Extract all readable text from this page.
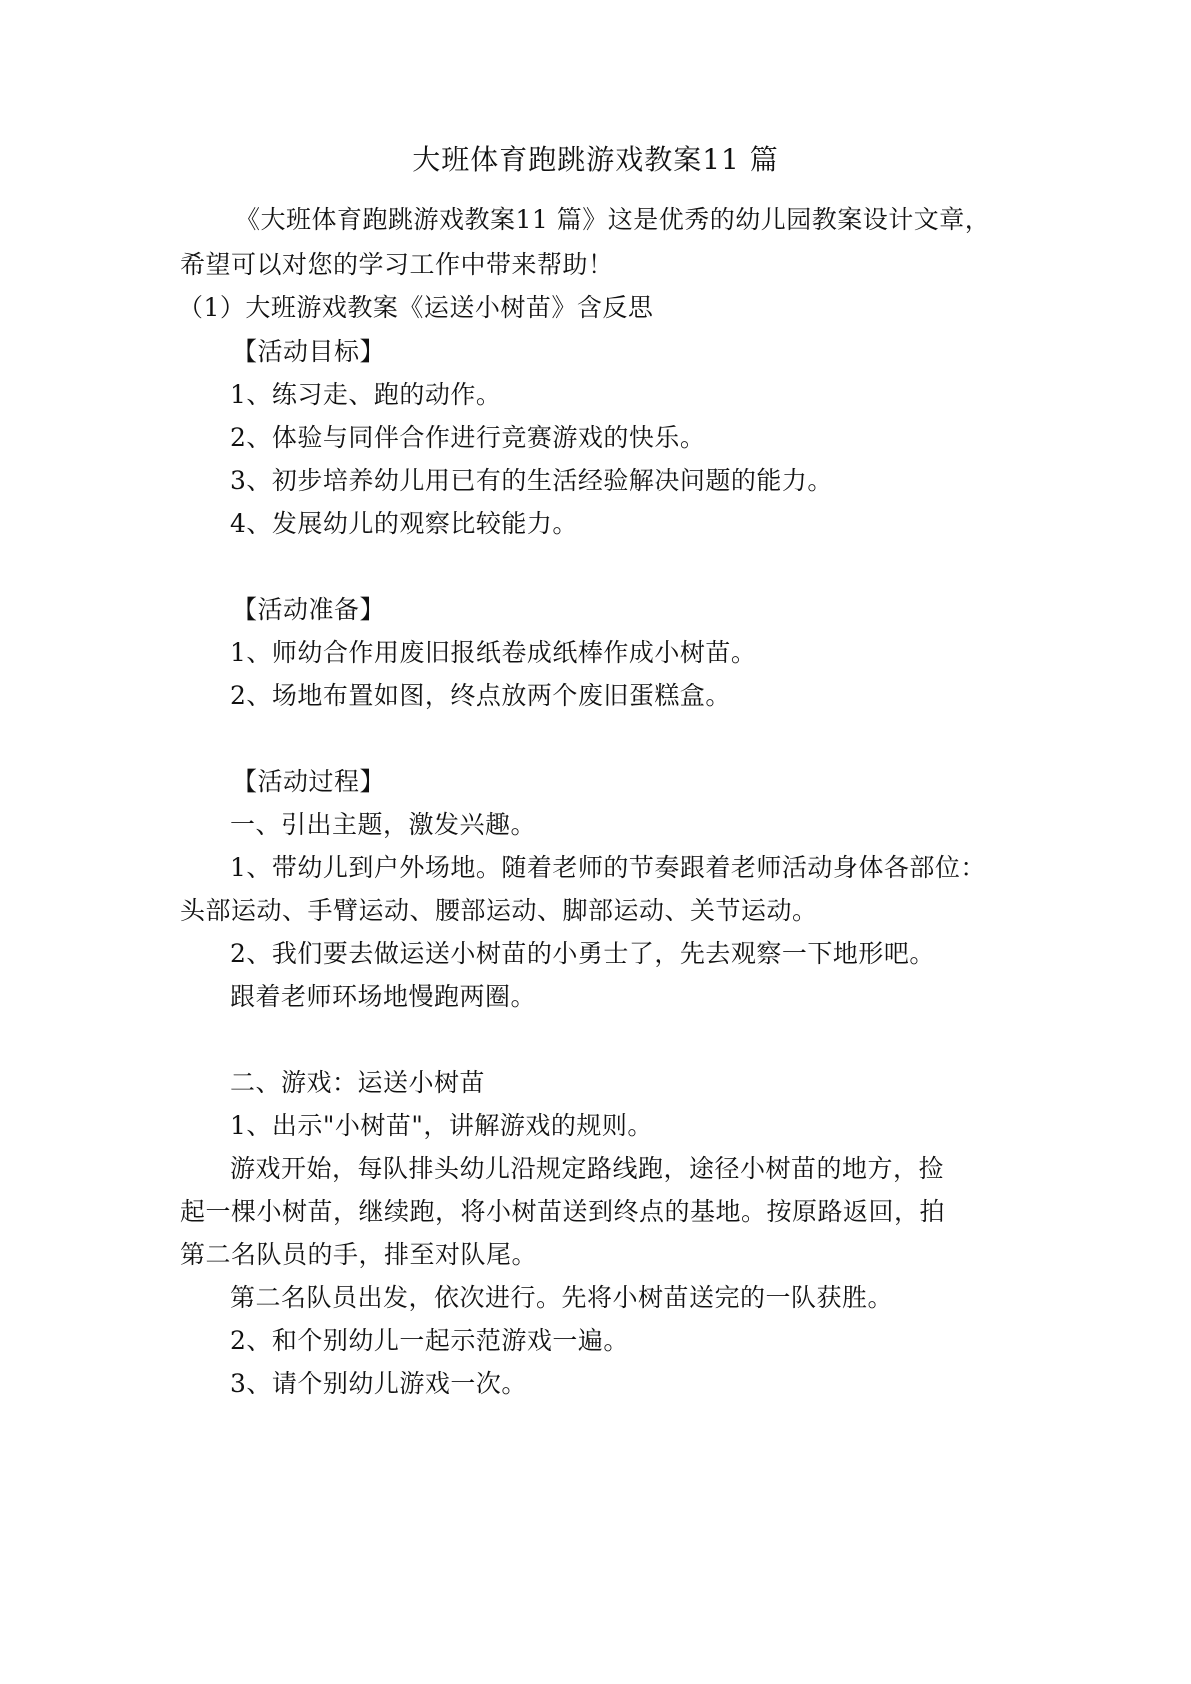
大班体育跑跳游戏教案11 篇
《大班体育跑跳游戏教案11 篇》这是优秀的幼儿园教案设计文章，
希望可以对您的学习工作中带来帮助！
（1）大班游戏教案《运送小树苗》含反思
【活动目标】
1、练习走、跑的动作。
2、体验与同伴合作进行竞赛游戏的快乐。
3、初步培养幼儿用已有的生活经验解决问题的能力。
4、发展幼儿的观察比较能力。
【活动准备】
1、师幼合作用废旧报纸卷成纸棒作成小树苗。
2、场地布置如图，终点放两个废旧蛋糕盒。
【活动过程】
一、引出主题，激发兴趣。
1、带幼儿到户外场地。随着老师的节奏跟着老师活动身体各部位：
头部运动、手臂运动、腰部运动、脚部运动、关节运动。
2、我们要去做运送小树苗的小勇士了，先去观察一下地形吧。
跟着老师环场地慢跑两圈。
二、游戏：运送小树苗
1、出示"小树苗"，讲解游戏的规则。
游戏开始，每队排头幼儿沿规定路线跑，途径小树苗的地方，捡
起一棵小树苗，继续跑，将小树苗送到终点的基地。按原路返回，拍
第二名队员的手，排至对队尾。
第二名队员出发，依次进行。先将小树苗送完的一队获胜。
2、和个别幼儿一起示范游戏一遍。
3、请个别幼儿游戏一次。
